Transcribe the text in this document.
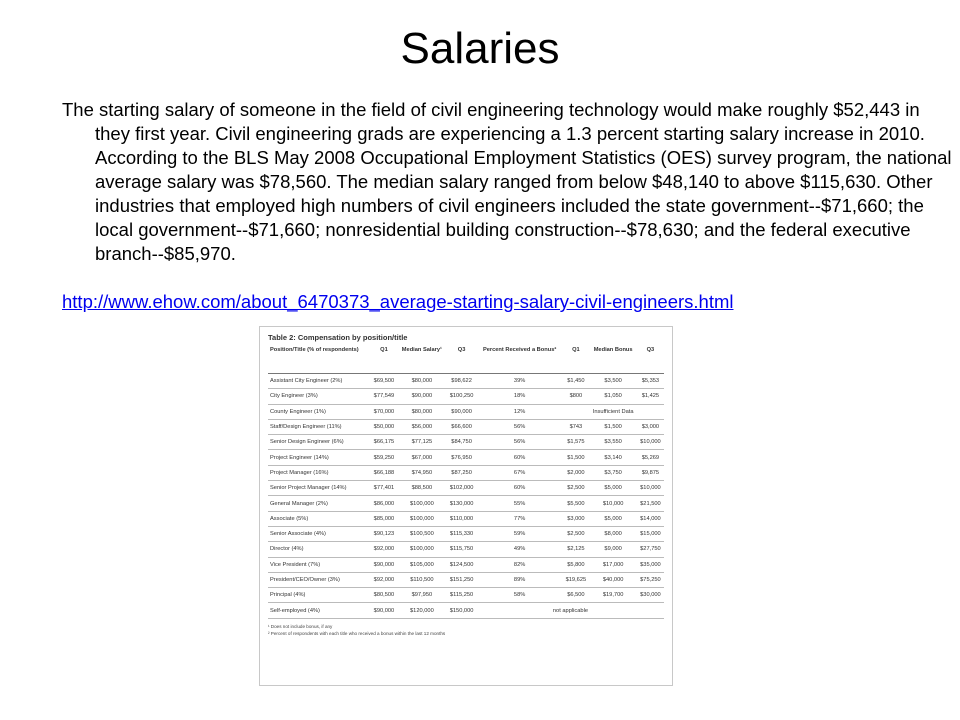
Salaries

The starting salary of someone in the field of civil engineering technology would make roughly $52,443 in they first year. Civil engineering grads are experiencing a 1.3 percent starting salary increase in 2010. According to the BLS May 2008 Occupational Employment Statistics (OES) survey program, the national average salary was $78,560. The median salary ranged from below $48,140 to above $115,630. Other industries that employed high numbers of civil engineers included the state government--$71,660; the local government--$71,660; nonresidential building construction--$78,630; and the federal executive branch--$85,970.

http://www.ehow.com/about_6470373_average-starting-salary-civil-engineers.html
Table 2: Compensation by position/title
Position/Title (% of respondents)	Q1	Median Salary¹	Q3	Percent Received a Bonus²	Q1	Median Bonus	Q3
Assistant City Engineer (2%)	$69,500	$80,000	$98,622	39%	$1,450	$3,500	$5,353
City Engineer (3%)	$77,549	$90,000	$100,250	18%	$800	$1,050	$1,425
County Engineer (1%)	$70,000	$80,000	$90,000	12%	Insufficient Data		
Staff/Design Engineer (11%)	$50,000	$56,000	$66,600	56%	$743	$1,500	$3,000
Senior Design Engineer (6%)	$66,175	$77,125	$84,750	56%	$1,575	$3,550	$10,000
Project Engineer (14%)	$59,250	$67,000	$76,950	60%	$1,500	$3,140	$5,269
Project Manager (16%)	$66,188	$74,950	$87,250	67%	$2,000	$3,750	$9,875
Senior Project Manager (14%)	$77,401	$88,500	$102,000	60%	$2,500	$5,000	$10,000
General Manager (2%)	$86,000	$100,000	$130,000	55%	$5,500	$10,000	$21,500
Associate (5%)	$85,000	$100,000	$110,000	77%	$3,000	$5,000	$14,000
Senior Associate (4%)	$90,123	$100,500	$115,330	59%	$2,500	$8,000	$15,000
Director (4%)	$92,000	$100,000	$115,750	49%	$2,125	$9,000	$27,750
Vice President (7%)	$90,000	$105,000	$124,500	82%	$5,800	$17,000	$35,000
President/CEO/Owner (3%)	$92,000	$110,500	$151,250	89%	$19,625	$40,000	$75,250
Principal (4%)	$80,500	$97,950	$115,250	58%	$6,500	$19,700	$30,000
Self-employed (4%)	$90,000	$120,000	$150,000	not applicable			
¹ Does not include bonus, if any
² Percent of respondents with each title who received a bonus within the last 12 months
